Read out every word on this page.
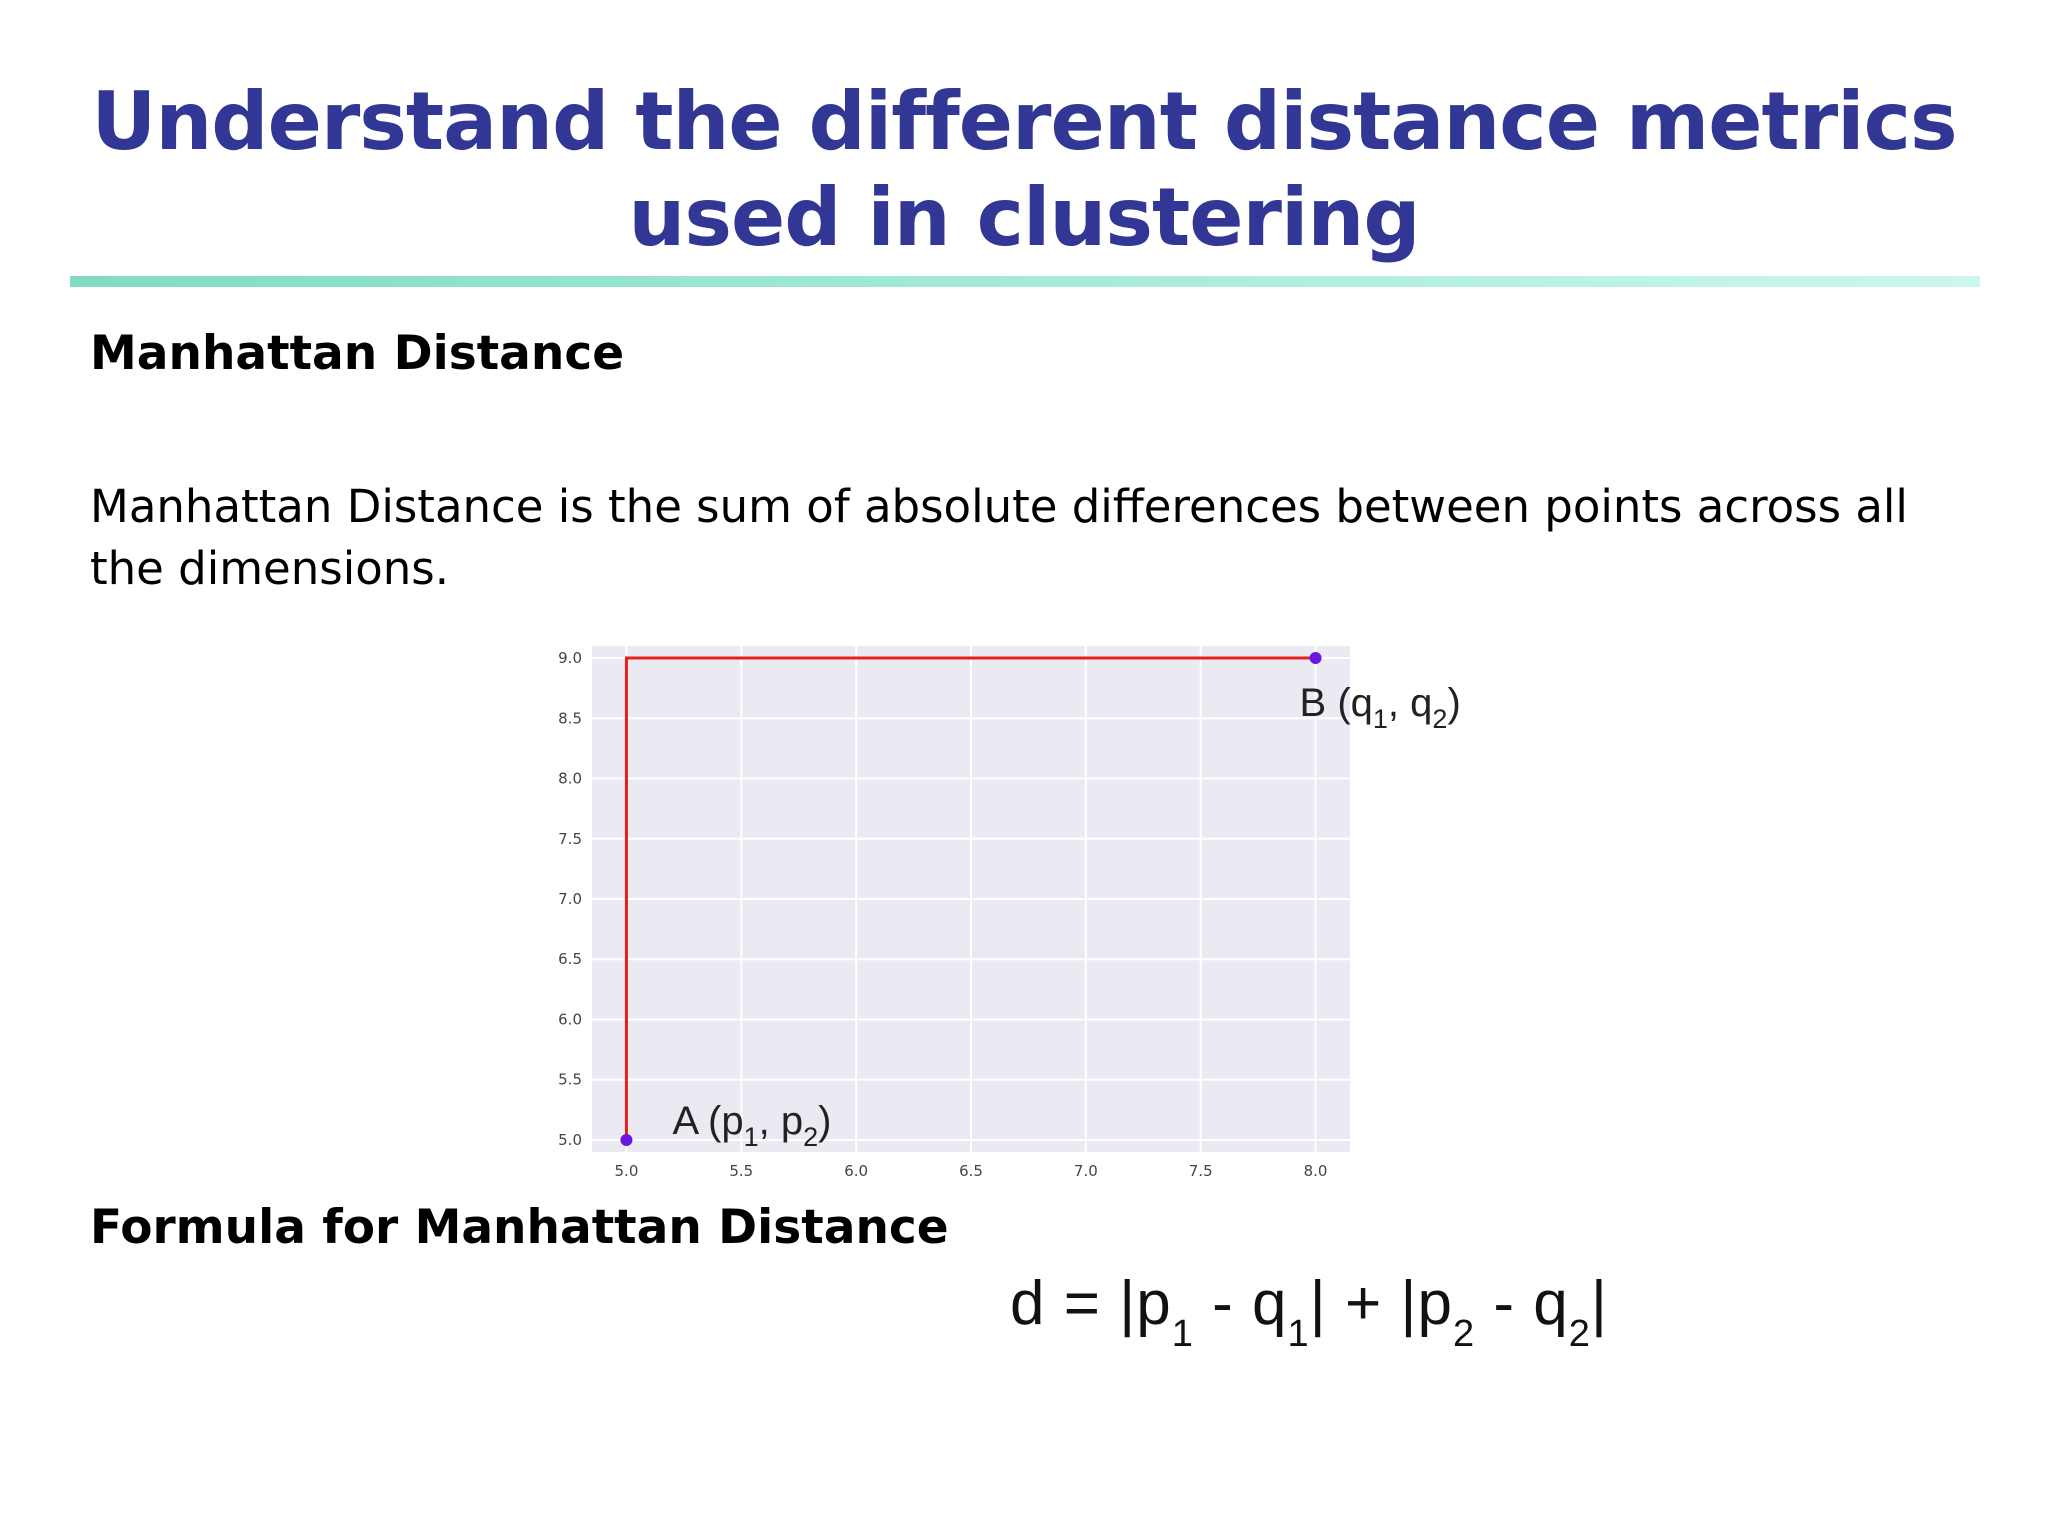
Understand the different distance metrics
used in clustering
Manhattan Distance
Manhattan Distance is the sum of absolute differences between points across all the dimensions.
5.0	5.5	6.0	6.5	7.0	7.5	8.0
9.0
8.5
8.0
7.5
7.0
6.5
6.0
5.5
5.0 A ($p_1$, $p_2$)
B ($q_1$, $q_2$)
Formula for Manhattan Distance
$d = |p_1 - q_1| + |p_2 - q_2|$
